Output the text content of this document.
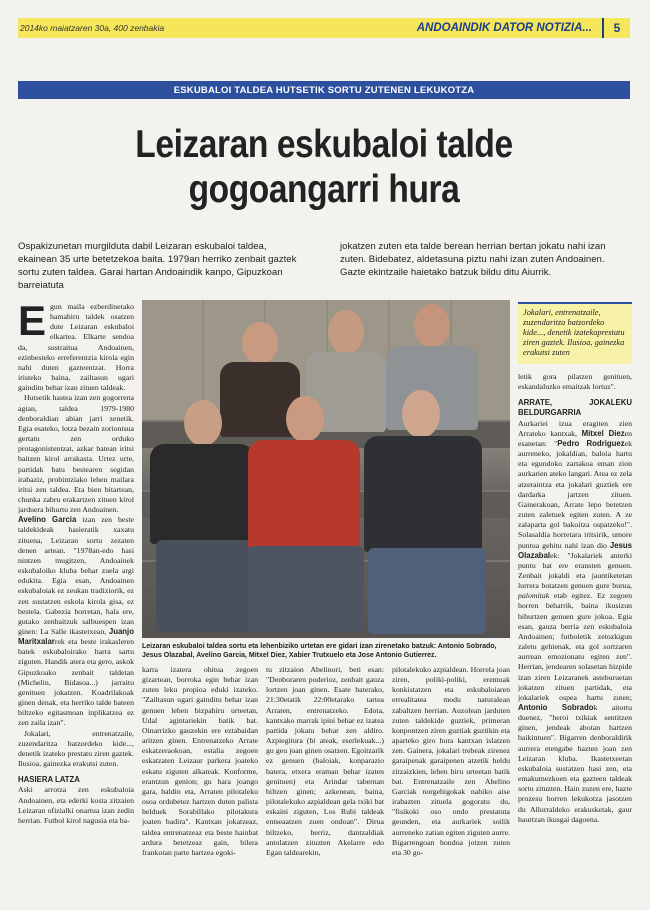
2014ko maiatzaren 30a, 400 zenbakia	ANDOAINDIK DATOR NOTIZIA...	5
ESKUBALOI TALDEA HUTSETIK SORTU ZUTENEN LEKUKOTZA
Leizaran eskubaloi talde
gogoangarri hura
Ospakizunetan murgilduta dabil Leizaran eskubaloi taldea, ekainean 35 urte betetzekoa baita. 1979an herriko zenbait gaztek sortu zuten taldea. Garai hartan Andoaindik kanpo, Gipuzkoan barreiatuta
jokatzen zuten eta talde berean herrian bertan jokatu nahi izan zuten. Bidebatez, aldetasuna piztu nahi izan zuten Andoainen. Gazte ekintzaile haietako batzuk bildu ditu Aiurrik.

Egun maila ezberdinetako hamahiru taldek osatzen dute Leizaran eskubaloi elkartea. Elkarte sendoa da, sustraitua Andoainen, ezinbesteko erreferentzia kirola egin nahi duten gazteentzat. Horra iristeko baina, zailtasun ugari gainditu behar izan zituen taldeak.

Hutsetik hastea izan zen gogorrena agian, taldea 1979-1980 denboraldian abian jarri zenetik. Egia esateko, lotza bezain zoriontsua gertatu zen orduko protagonistentzat, azkar batean iritsi baitzen kirol arrakasta. Urtez urte, partidak batu bestearen segidan irabaziz, probintziako lehen mailara iritsi zen taldea. Eta bien bitartean, chunka zabru erakartzen zituen kirol jarduera bihurtu zen Andoainen.

Avelino Garcia izan zen beste taldekideak hasieratik xaxatu zituena, Leizaran sortu zezaten denen artean. "1978an-edo hasi nintzen mugitzen, Andoainek eskubaloiko kluba behar zuela argi edukita. Egia esan, Andoainen eskubaloiak ez zeukan tradiziorik, ez zen sustatzen eskola kirola gisa, ez bestela. Gabezia horretan, hala ere, gutako zenbaitzuk salbuespen izan ginen: La Salle ikastetxean, Juanjo Maritxalarrek eta beste irakasleren batek eskubaloirako harra sartu ziguten. Handik atera eta gero, askok Gipuzkoako zenbait taldetan (Michelin, Bidasoa...) jarraitu genituen jokatzen. Koadrilakoak ginen denak, eta herriko talde bateen biltzeko egitasmoan inplikatzea ez zen zaila izan".

Jokalari, entrenatzaile, zuzendaritza batzordeko kide..., denetik izateko prestatu ziren gaztek. Ilusioa, gainezka erakutsi zuten.

HASIERA LATZA

Aski arrotza zen eskubaloia Andoainen, eta ederki kosta zitzaien Leizaran ofizialki onartua izan zedin herrian. Futbol kirol nagusia eta ba-

Leizaran eskubaloi taldea sortu eta lehenbiziko urtetan ere gidari izan zirenetako batzuk: Antonio Sobrado, Jesus Olazabal, Avelino Garcia, Mitxel Diez, Xabier Trutxuelo eta Jose Antonio Gutierrez.
karra izatera ohitua zegoen gizartean, borroka egin behar izan zuten leku propioa eduki izateko. "Zailtasun ugari gainditu behar izan genuen lehen bizpahiru urteetan, Udal agintariekin batik bat. Oinarrizko gauzekin ere eztabaidan aritzen ginen. Entrenatzeko Arrate eskatzeraokoan, estalia zegoen eskatzaten Leizaur parkera joateko eskatu ziguten alkateak. Konforme, erantzun genion; gu hara joango gara, baldin eta, Arraten pilotaleku osoa ordubetez hartzen duten palista helduek Sorabillako pilotakura joaten badira". Kantxan jokatzeaz, taldea entrenatzeaz eta beste hainbat ardura betetzeaz gain, bilera frankotan parte hartzea egoki-
tu zitzaion Abelinori, beti esan: "Denboraren poderioz, zenbait gauza lortzen joan ginen. Esate baterako, 21:30etatik 22:00etarako tartea Arraten, entrenatzeko. Edota, kantxako marrak ipini behar ez izatea partida jokatu behar zen aldiro. Azpiegitura (bi ateak, eserlekuak...) gu geu joan ginen osatzen. Egoitzarik ez genuen (baloiak, konparazio batera, etxera eraman behar izaten genituen) eta Arindar tabernan biltzen ginen; azkenean, baina, pilotalekuko azpialdean gela txiki bat eskaini ziguten, Los Rubi taldeak entseaatzen zuen ondoan". Dirua biltzeko, berriz, dantzaldiak antolatzen zituzten Akelarre edo Egan taldearekin,
pilotalekuko azpialdean. Horrela joan ziren, poliki-poliki, eremuak konkistatzen eta eskubaloiaren errealitatea modu naturalean zabaltzen herrian. Auzolean jarduten zuten taldekide guztiek, primeran konpontzen ziren guztiak guztikin eta aparteko giro hura kantxan islatzen zen. Gainera, jokalari trebeak zirenez garaipenak garaipenen atzetik heldu zitzaizkien, lehen hiru urteetan batik bat. Entrenatzaile zen Abelino Garciak norgehigokak nahiko aise irabazten zituela gogoratu du, "fisikoki oso ondo prestatuta geunden, eta aurkariek soilik aurreneko zatian egiten ziguten aurre. Bigarrengoan hondoa jotzen zuten eta 30 go-
Jokalari, entrenatzaile, zuzendaritza batzordeko kide..., denetik izatekoprestatu ziren gaztek. Ilusioa, gainezka erakutsi zuten

letik gora pilatzen genituen, eskandaluzko emaitzak lortuz".

ARRATE, JOKALEKU BELDURGARRIA

Aurkariei izua eragiten zien Arrateko kantxak, Mitxel Diezen esanetan: "Pedro Rodriguezek aurreneko, jokaldian, baloia hartu eta egundoko zartakoa eman zion aurkarien ateko langari. Atea ez zela atzeraintza eta jokalari guztiek ere dardarka jartzen zituen. Gainerakoan, Arrate lepo betetzen zuten zaletuek egiten zuten. A ze zalaparta gol bakoitza ospatzeko!". Solasaldia horretara iritsirik, umore puntua gehitu nahi izan dio Jesus Olazabalek: "Jokalariek anterki puntu bat ere eransten genuen. Zenbait jokaldi eta jauntiketetan lurrera botatzen genuen gure burua, palomitak etab egitez. Ez zegoen horren beharrik, baina ikusizun bihurtzen genuen gure jokoa. Egia esan, gauza berria zen eskubaloia Andoainen; futboletik zetozkigun zaletu gehienak, eta gol sortzaren aurrean emozionatu egiten zen". Herrian, jendearen solasetan hizpide izan ziren Leizaranek asteburuetan jokatzen zituen partidak, eta jokalariek ospea hartu zuten; Antonio Sobradok aitortu duenez, "heroi txikiak sentitzen ginen, jendeak abotan hartzen baikintuen". Bigarren denboraldirik aurrera etengabe hazten joan zen Leizaran kluba. Ikastetxeetan eskubaloia sustatzen hasi zen, eta emakumezkoen eta gazteen taldeak sortu zituzten. Hain zuzen ere, hazte prozesu horren lekukotza jasotzen du Allurraldeko erakusketak, gaur haurtzan ikusgai dagoena.
